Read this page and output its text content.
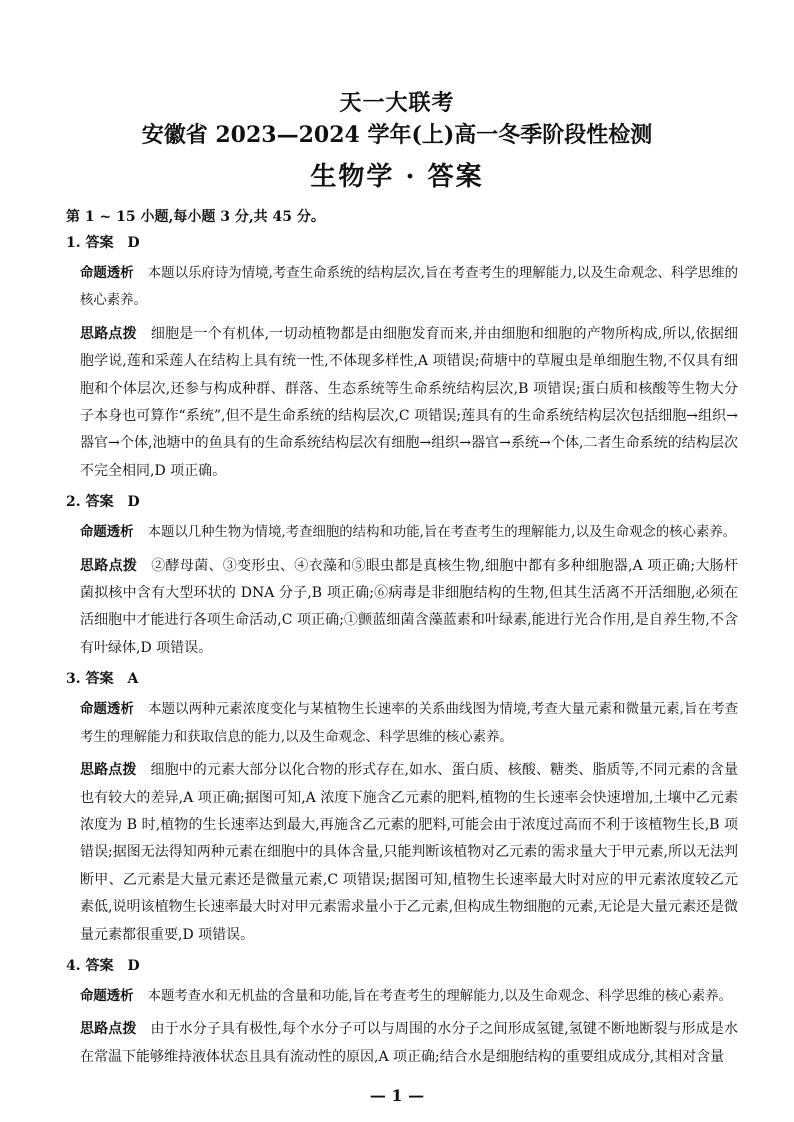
天一大联考
安徽省 2023—2024 学年(上)高一冬季阶段性检测
生物学 · 答案
第 1 ~ 15 小题,每小题 3 分,共 45 分。
1. 答案　D
命题透析 本题以乐府诗为情境,考查生命系统的结构层次,旨在考查考生的理解能力,以及生命观念、科学思维的核心素养。
思路点拨 细胞是一个有机体,一切动植物都是由细胞发育而来,并由细胞和细胞的产物所构成,所以,依据细胞学说,莲和采莲人在结构上具有统一性,不体现多样性,A 项错误;荷塘中的草履虫是单细胞生物,不仅具有细胞和个体层次,还参与构成种群、群落、生态系统等生命系统结构层次,B 项错误;蛋白质和核酸等生物大分子本身也可算作“系统”,但不是生命系统的结构层次,C 项错误;莲具有的生命系统结构层次包括细胞→组织→器官→个体,池塘中的鱼具有的生命系统结构层次有细胞→组织→器官→系统→个体,二者生命系统的结构层次不完全相同,D 项正确。
2. 答案　D
命题透析 本题以几种生物为情境,考查细胞的结构和功能,旨在考查考生的理解能力,以及生命观念的核心素养。
思路点拨 ②酵母菌、③变形虫、④衣藻和⑤眼虫都是真核生物,细胞中都有多种细胞器,A 项正确;大肠杆菌拟核中含有大型环状的 DNA 分子,B 项正确;⑥病毒是非细胞结构的生物,但其生活离不开活细胞,必须在活细胞中才能进行各项生命活动,C 项正确;①颤蓝细菌含藻蓝素和叶绿素,能进行光合作用,是自养生物,不含有叶绿体,D 项错误。
3. 答案　A
命题透析 本题以两种元素浓度变化与某植物生长速率的关系曲线图为情境,考查大量元素和微量元素,旨在考查考生的理解能力和获取信息的能力,以及生命观念、科学思维的核心素养。
思路点拨 细胞中的元素大部分以化合物的形式存在,如水、蛋白质、核酸、糖类、脂质等,不同元素的含量也有较大的差异,A 项正确;据图可知,A 浓度下施含乙元素的肥料,植物的生长速率会快速增加,土壤中乙元素浓度为 B 时,植物的生长速率达到最大,再施含乙元素的肥料,可能会由于浓度过高而不利于该植物生长,B 项错误;据图无法得知两种元素在细胞中的具体含量,只能判断该植物对乙元素的需求量大于甲元素,所以无法判断甲、乙元素是大量元素还是微量元素,C 项错误;据图可知,植物生长速率最大时对应的甲元素浓度较乙元素低,说明该植物生长速率最大时对甲元素需求量小于乙元素,但构成生物细胞的元素,无论是大量元素还是微量元素都很重要,D 项错误。
4. 答案　D
命题透析 本题考查水和无机盐的含量和功能,旨在考查考生的理解能力,以及生命观念、科学思维的核心素养。
思路点拨 由于水分子具有极性,每个水分子可以与周围的水分子之间形成氢键,氢键不断地断裂与形成是水在常温下能够维持液体状态且具有流动性的原因,A 项正确;结合水是细胞结构的重要组成成分,其相对含量
— 1 —
